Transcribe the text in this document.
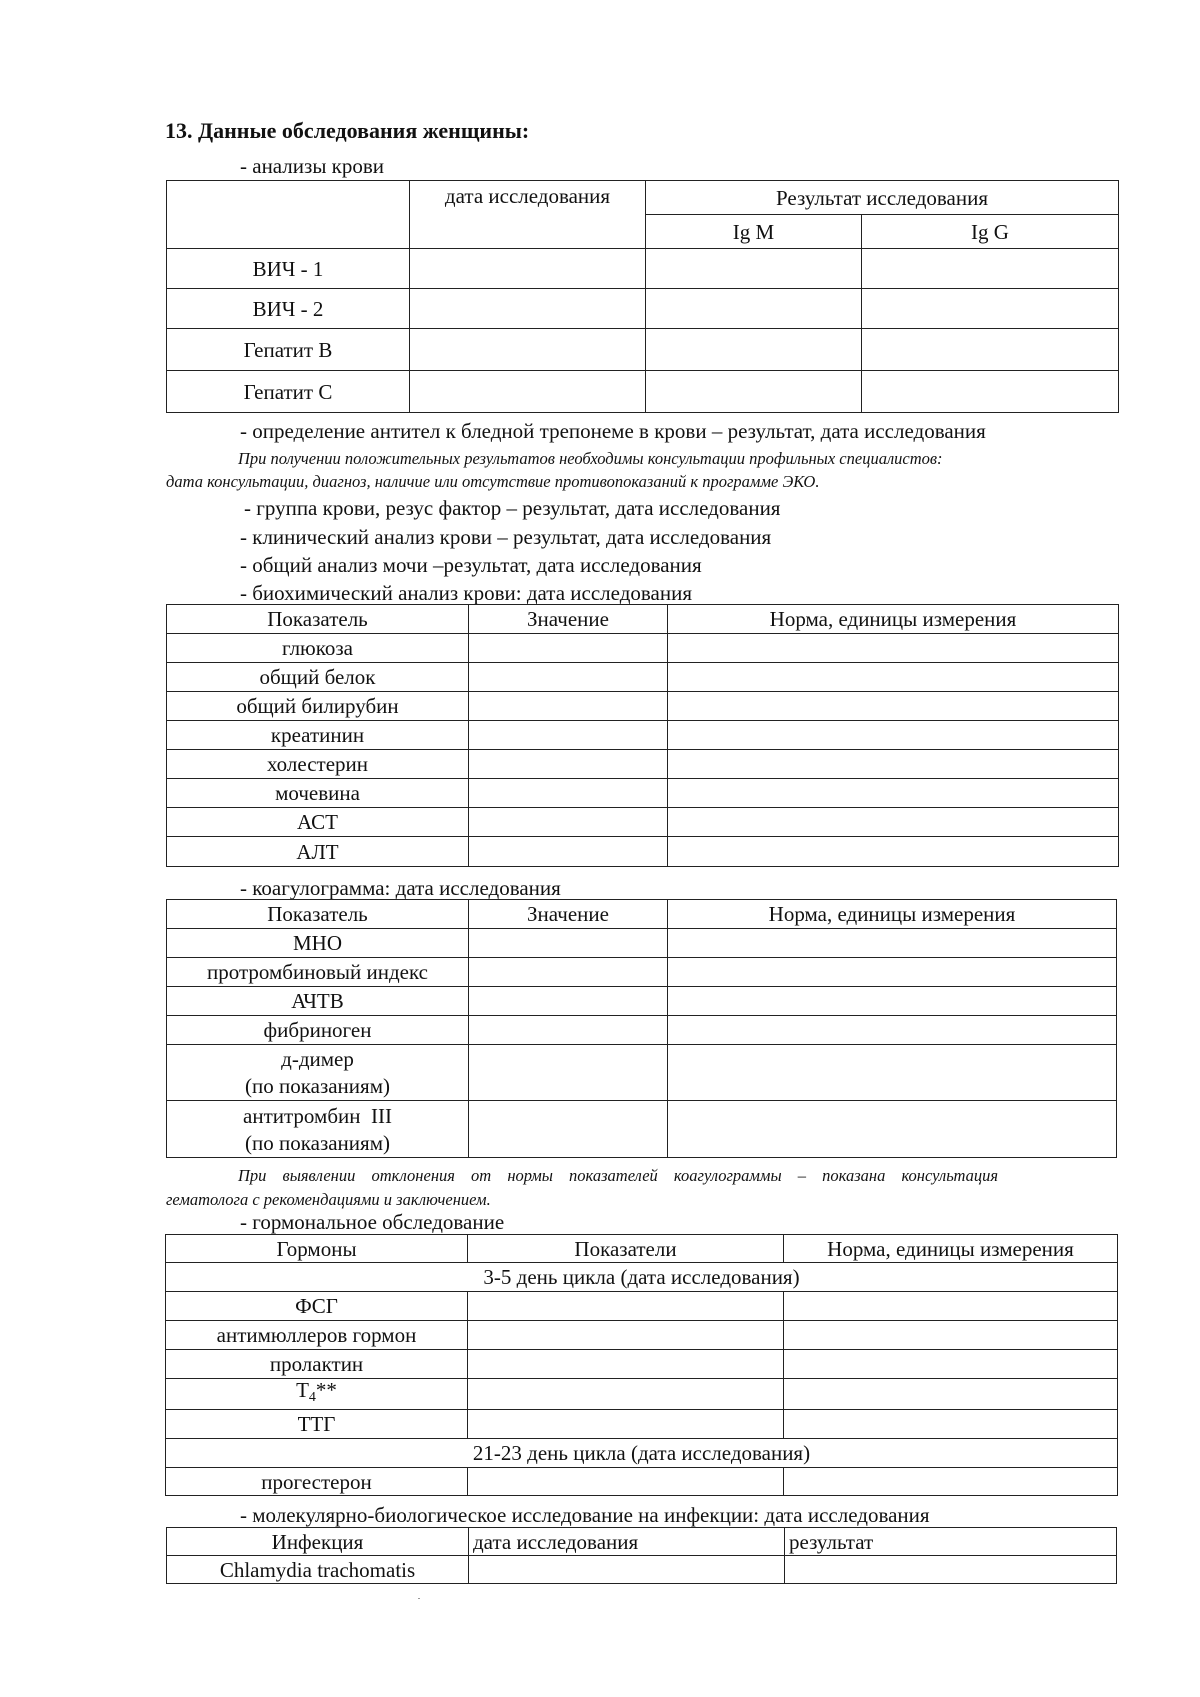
13. Данные обследования женщины:
- анализы крови
	дата исследования	Результат исследования	
		Ig M	Ig G
ВИЧ - 1			
ВИЧ - 2			
Гепатит В			
Гепатит С			
- определение антител к бледной трепонеме в крови – результат, дата исследования
При получении положительных результатов необходимы консультации профильных специалистов:
дата консультации, диагноз, наличие или отсутствие противопоказаний к программе ЭКО.
- группа крови, резус фактор – результат, дата исследования
- клинический анализ крови – результат, дата исследования
- общий анализ мочи –результат, дата исследования
- биохимический анализ крови: дата исследования
Показатель	Значение	Норма, единицы измерения
глюкоза		
общий белок		
общий билирубин		
креатинин		
холестерин		
мочевина		
АСТ		
АЛТ		
- коагулограмма: дата исследования
Показатель	Значение	Норма, единицы измерения
МНО		
протромбиновый индекс		
АЧТВ		
фибриноген		

д-димер
(по показаниям)		

антитромбин  III
(по показаниям)		

При выявлении отклонения от нормы показателей коагулограммы – показана консультация
гематолога с рекомендациями и заключением.
- гормональное обследование
Гормоны	Показатели	Норма, единицы измерения
3-5 день цикла (дата исследования)		
ФСГ		
антимюллеров гормон		
пролактин		
$Т_4**$		
ТТГ		
21-23 день цикла (дата исследования)		
прогестерон		
- молекулярно-биологическое исследование на инфекции: дата исследования
Инфекция	дата исследования	результат
Chlamydia trachomatis		
